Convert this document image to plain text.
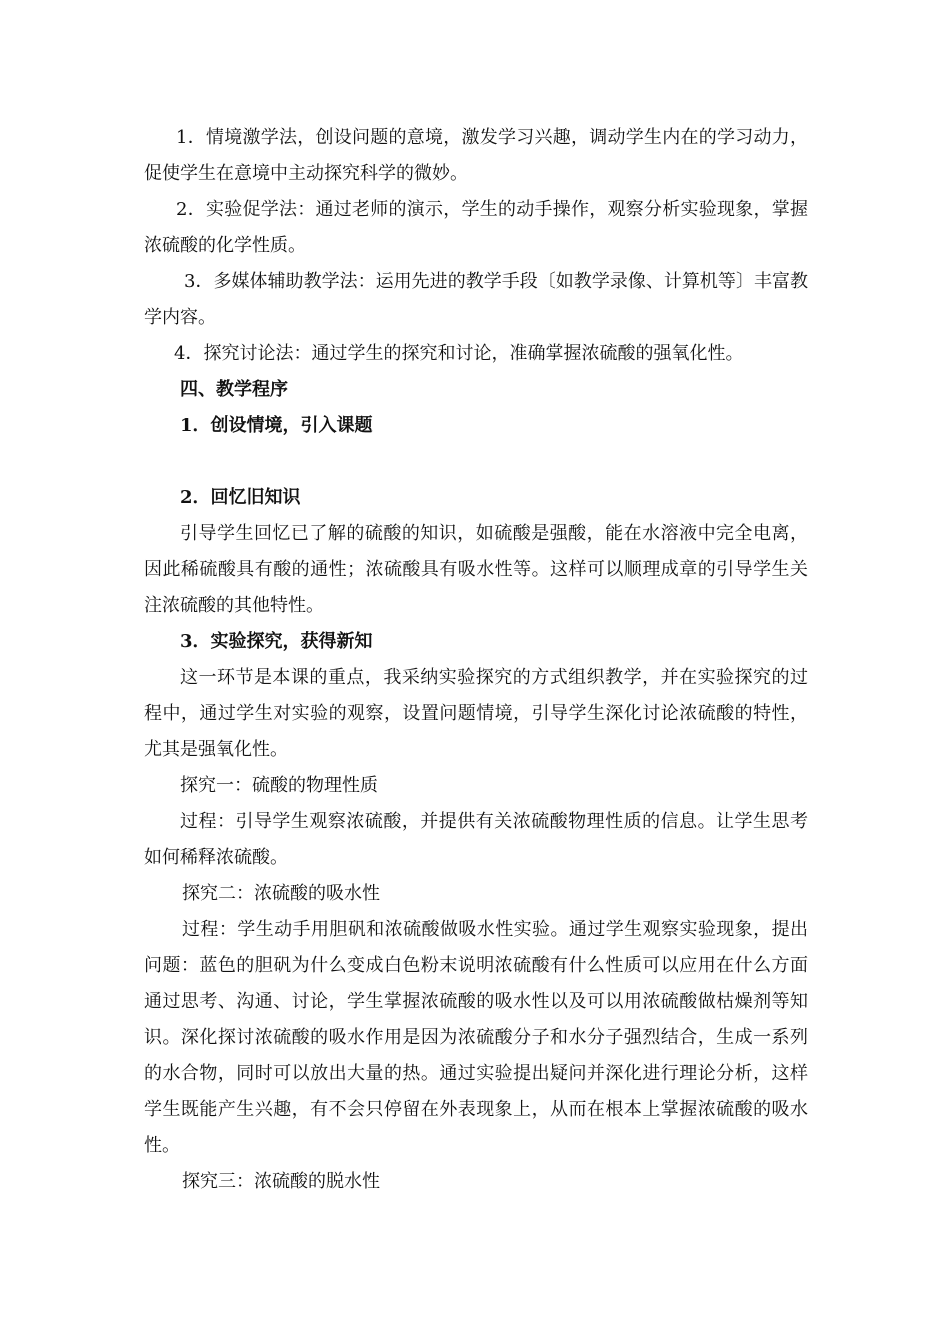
1．情境激学法，创设问题的意境，激发学习兴趣，调动学生内在的学习动力，促使学生在意境中主动探究科学的微妙。

2．实验促学法：通过老师的演示，学生的动手操作，观察分析实验现象，掌握浓硫酸的化学性质。

3．多媒体辅助教学法：运用先进的教学手段〔如教学录像、计算机等〕丰富教学内容。

4．探究讨论法：通过学生的探究和讨论，准确掌握浓硫酸的强氧化性。

四、教学程序

1．创设情境，引入课题

2．回忆旧知识

引导学生回忆已了解的硫酸的知识，如硫酸是强酸，能在水溶液中完全电离，因此稀硫酸具有酸的通性；浓硫酸具有吸水性等。这样可以顺理成章的引导学生关注浓硫酸的其他特性。

3．实验探究，获得新知

这一环节是本课的重点，我采纳实验探究的方式组织教学，并在实验探究的过程中，通过学生对实验的观察，设置问题情境，引导学生深化讨论浓硫酸的特性，尤其是强氧化性。

探究一：硫酸的物理性质

过程：引导学生观察浓硫酸，并提供有关浓硫酸物理性质的信息。让学生思考如何稀释浓硫酸。

探究二：浓硫酸的吸水性

过程：学生动手用胆矾和浓硫酸做吸水性实验。通过学生观察实验现象，提出问题：蓝色的胆矾为什么变成白色粉末说明浓硫酸有什么性质可以应用在什么方面通过思考、沟通、讨论，学生掌握浓硫酸的吸水性以及可以用浓硫酸做枯燥剂等知识。深化探讨浓硫酸的吸水作用是因为浓硫酸分子和水分子强烈结合，生成一系列的水合物，同时可以放出大量的热。通过实验提出疑问并深化进行理论分析，这样学生既能产生兴趣，有不会只停留在外表现象上，从而在根本上掌握浓硫酸的吸水性。

探究三：浓硫酸的脱水性
